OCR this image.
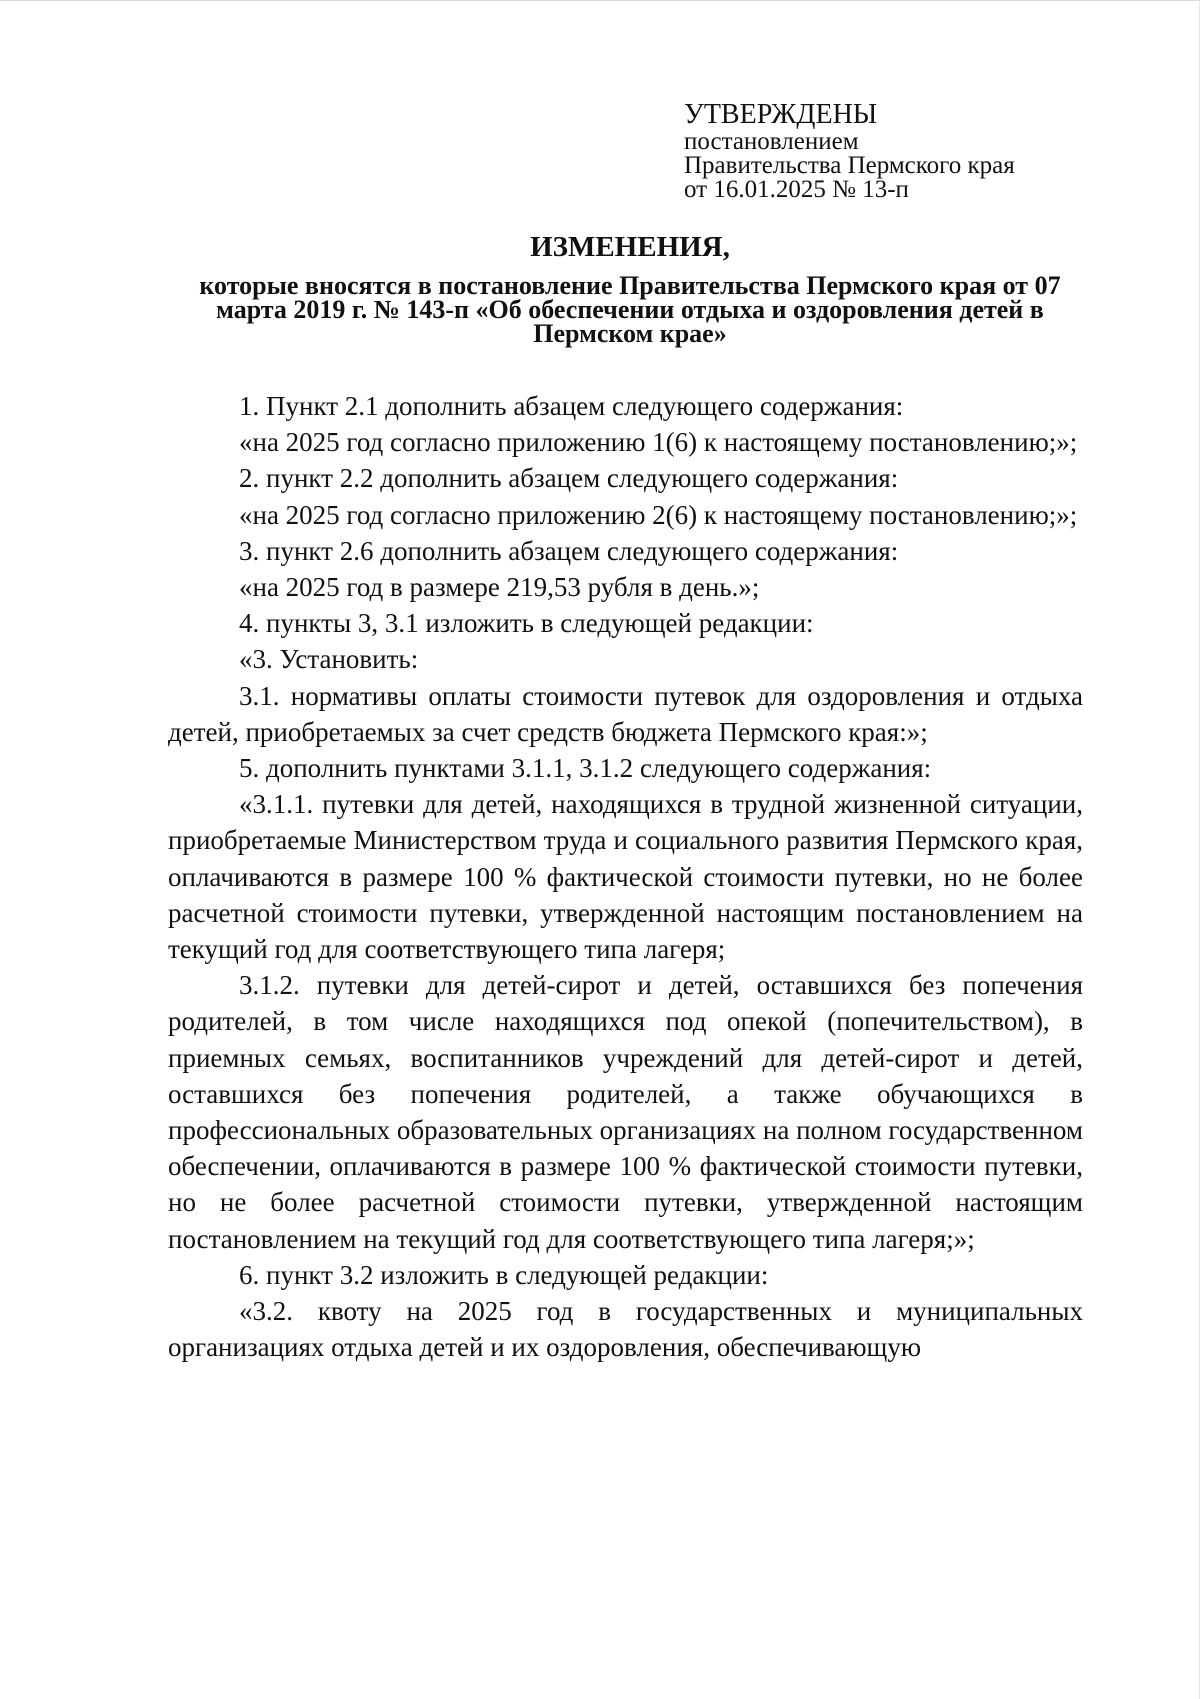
УТВЕРЖДЕНЫ
постановлением
Правительства Пермского края
от 16.01.2025 № 13-п
ИЗМЕНЕНИЯ,
которые вносятся в постановление Правительства Пермского края от 07 марта 2019 г. № 143-п «Об обеспечении отдыха и оздоровления детей в Пермском крае»

1. Пункт 2.1 дополнить абзацем следующего содержания:

«на 2025 год согласно приложению 1(6) к настоящему постановлению;»;

2. пункт 2.2 дополнить абзацем следующего содержания:

«на 2025 год согласно приложению 2(6) к настоящему постановлению;»;

3. пункт 2.6 дополнить абзацем следующего содержания:

«на 2025 год в размере 219,53 рубля в день.»;

4. пункты 3, 3.1 изложить в следующей редакции:

«3. Установить:

3.1. нормативы оплаты стоимости путевок для оздоровления и отдыха детей, приобретаемых за счет средств бюджета Пермского края:»;

5. дополнить пунктами 3.1.1, 3.1.2 следующего содержания:

«3.1.1. путевки для детей, находящихся в трудной жизненной ситуации, приобретаемые Министерством труда и социального развития Пермского края, оплачиваются в размере 100 % фактической стоимости путевки, но не более расчетной стоимости путевки, утвержденной настоящим постановлением на текущий год для соответствующего типа лагеря;

3.1.2. путевки для детей-сирот и детей, оставшихся без попечения родителей, в том числе находящихся под опекой (попечительством), в приемных семьях, воспитанников учреждений для детей-сирот и детей, оставшихся без попечения родителей, а также обучающихся в профессиональных образовательных организациях на полном государственном обеспечении, оплачиваются в размере 100 % фактической стоимости путевки, но не более расчетной стоимости путевки, утвержденной настоящим постановлением на текущий год для соответствующего типа лагеря;»;

6. пункт 3.2 изложить в следующей редакции:

«3.2. квоту на 2025 год в государственных и муниципальных организациях отдыха детей и их оздоровления, обеспечивающую
